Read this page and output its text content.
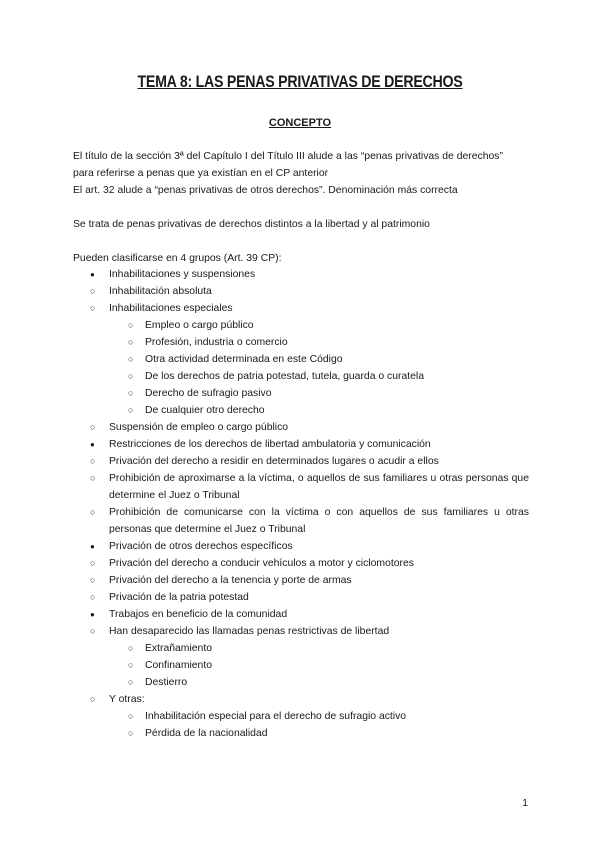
TEMA 8: LAS PENAS PRIVATIVAS DE DERECHOS
CONCEPTO
El título de la sección 3ª del Capítulo I del Título III alude a las “penas privativas de derechos”
para referirse a penas que ya existían en el CP anterior
El art. 32 alude a “penas privativas de otros derechos”. Denominación más correcta
Se trata de penas privativas de derechos distintos a la libertad y al patrimonio
Pueden clasificarse en 4 grupos (Art. 39 CP):
● Inhabilitaciones y suspensiones
○ Inhabilitación absoluta
○ Inhabilitaciones especiales
○ Empleo o cargo público
○ Profesión, industria o comercio
○ Otra actividad determinada en este Código
○ De los derechos de patria potestad, tutela, guarda o curatela
○ Derecho de sufragio pasivo
○ De cualquier otro derecho
○ Suspensión de empleo o cargo público
● Restricciones de los derechos de libertad ambulatoria y comunicación
○ Privación del derecho a residir en determinados lugares o acudir a ellos
○ Prohibición de aproximarse a la víctima, o aquellos de sus familiares u otras personas que determine el Juez o Tribunal
○ Prohibición de comunicarse con la víctima o con aquellos de sus familiares u otras personas que determine el Juez o Tribunal
● Privación de otros derechos específicos
○ Privación del derecho a conducir vehículos a motor y ciclomotores
○ Privación del derecho a la tenencia y porte de armas
○ Privación de la patria potestad
● Trabajos en beneficio de la comunidad
○ Han desaparecido las llamadas penas restrictivas de libertad
○ Extrañamiento
○ Confinamiento
○ Destierro
○ Y otras:
○ Inhabilitación especial para el derecho de sufragio activo
○ Pérdida de la nacionalidad
1
